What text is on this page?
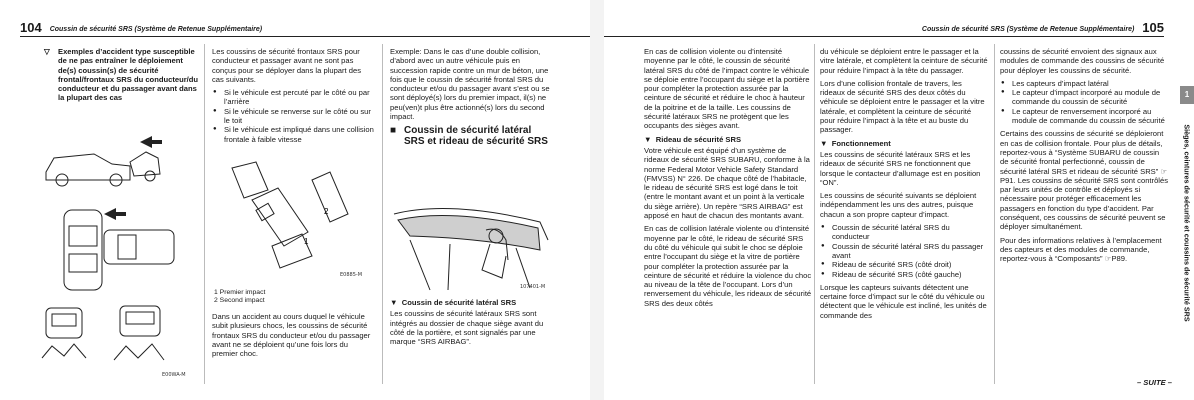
104 Coussin de sécurité SRS (Système de Retenue Supplémentaire)
▽	Exemples d’accident type susceptible de ne pas entraîner le déploiement de(s) coussin(s) de sécurité frontal/frontaux SRS du conducteur/du conducteur et du passager avant dans la plupart des cas
E00WA-M

Les coussins de sécurité frontaux SRS pour conducteur et passager avant ne sont pas conçus pour se déployer dans la plupart des cas suivants.

● Si le véhicule est percuté par le côté ou par l’arrière
● Si le véhicule se renverse sur le côté ou sur le toit
● Si le véhicule est impliqué dans une collision frontale à faible vitesse
2
1
E0885-M
1 Premier impact
2 Second impact

Dans un accident au cours duquel le véhicule subit plusieurs chocs, les coussins de sécurité frontaux SRS du conducteur et/ou du passager avant ne se déploient qu’une fois lors du premier choc.

Exemple: Dans le cas d’une double collision, d’abord avec un autre véhicule puis en succession rapide contre un mur de béton, une fois que le coussin de sécurité frontal SRS du conducteur et/ou du passager avant s’est ou se sont déployé(s) lors du premier impact, il(s) ne peu(ven)t plus être actionné(s) lors du second impact.

■ Coussin de sécurité latéral SRS et rideau de sécurité SRS
107401-M
▼ Coussin de sécurité latéral SRS

Les coussins de sécurité latéraux SRS sont intégrés au dossier de chaque siège avant du côté de la portière, et sont signalés par une marque “SRS AIRBAG”.

Coussin de sécurité SRS (Système de Retenue Supplémentaire) 105

En cas de collision violente ou d’intensité moyenne par le côté, le coussin de sécurité latéral SRS du côté de l’impact contre le véhicule se déploie entre l’occupant du siège et la portière pour compléter la protection assurée par la ceinture de sécurité et réduire le choc à hauteur de la poitrine et de la taille. Les coussins de sécurité latéraux SRS ne protègent que les occupants des sièges avant.

▼ Rideau de sécurité SRS

Votre véhicule est équipé d’un système de rideaux de sécurité SRS SUBARU, conforme à la norme Federal Motor Vehicle Safety Standard (FMVSS) N° 226. De chaque côté de l’habitacle, le rideau de sécurité SRS est logé dans le toit (entre le montant avant et un point à la verticale du siège arrière). Un repère “SRS AIRBAG” est apposé en haut de chacun des montants avant.

En cas de collision latérale violente ou d’intensité moyenne par le côté, le rideau de sécurité SRS du côté du véhicule qui subit le choc se déploie entre l’occupant du siège et la vitre de portière pour compléter la protection assurée par la ceinture de sécurité et réduire la violence du choc au niveau de la tête de l’occupant. Lors d’un renversement du véhicule, les rideaux de sécurité SRS des deux côtés

du véhicule se déploient entre le passager et la vitre latérale, et complètent la ceinture de sécurité pour réduire l’impact à la tête du passager.

Lors d’une collision frontale de travers, les rideaux de sécurité SRS des deux côtés du véhicule se déploient entre le passager et la vitre latérale, et complètent la ceinture de sécurité pour réduire l’impact à la tête et au buste du passager.

▼ Fonctionnement

Les coussins de sécurité latéraux SRS et les rideaux de sécurité SRS ne fonctionnent que lorsque le contacteur d’allumage est en position “ON”.

Les coussins de sécurité suivants se déploient indépendamment les uns des autres, puisque chacun a son propre capteur d’impact.

● Coussin de sécurité latéral SRS du conducteur
● Coussin de sécurité latéral SRS du passager avant
● Rideau de sécurité SRS (côté droit)
● Rideau de sécurité SRS (côté gauche)

Lorsque les capteurs suivants détectent une certaine force d’impact sur le côté du véhicule ou détectent que le véhicule est incliné, les unités de commande des

coussins de sécurité envoient des signaux aux modules de commande des coussins de sécurité pour déployer les coussins de sécurité.

● Les capteurs d’impact latéral
● Le capteur d’impact incorporé au module de commande du coussin de sécurité
● Le capteur de renversement incorporé au module de commande du coussin de sécurité

Certains des coussins de sécurité se déploieront en cas de collision frontale. Pour plus de détails, reportez-vous à “Système SUBARU de coussin de sécurité frontal perfectionné, coussin de sécurité latéral SRS et rideau de sécurité SRS” ☞P91. Les coussins de sécurité SRS sont contrôlés par leurs unités de contrôle et déployés si nécessaire pour protéger efficacement les passagers en fonction du type d’accident. Par conséquent, ces coussins de sécurité peuvent se déployer simultanément.

Pour des informations relatives à l’emplacement des capteurs et des modules de commande, reportez-vous à “Composants” ☞P89.

1
Sièges, ceintures de sécurité et coussins de sécurité SRS
– SUITE –
